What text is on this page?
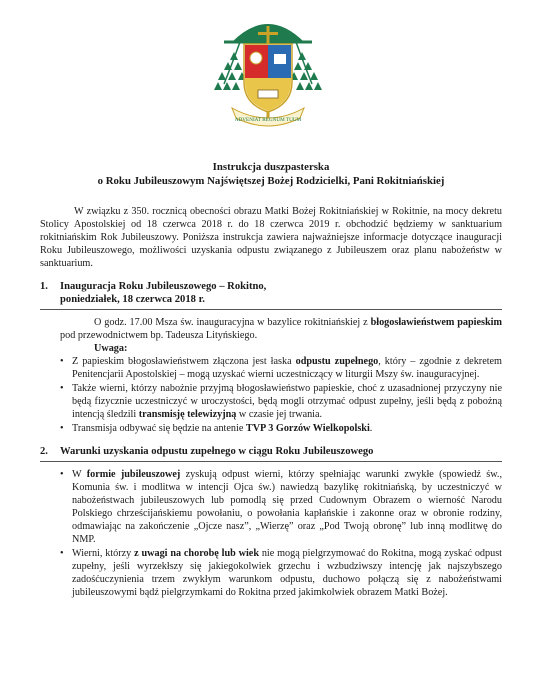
ADVENIAT REGNUM TUUM
Instrukcja duszpasterska
o Roku Jubileuszowym Najświętszej Bożej Rodzicielki, Pani Rokitniańskiej
W związku z 350. rocznicą obecności obrazu Matki Bożej Rokitniańskiej w Rokitnie, na mocy dekretu Stolicy Apostolskiej od 18 czerwca 2018 r. do 18 czerwca 2019 r. obchodzić będziemy w sanktuarium rokitniańskim Rok Jubileuszowy. Poniższa instrukcja zawiera najważniejsze informacje dotyczące inauguracji Roku Jubileuszowego, możliwości uzyskania odpustu związanego z Jubileuszem oraz planu nabożeństw w sanktuarium.
1.	Inauguracja Roku Jubileuszowego – Rokitno,
poniedziałek, 18 czerwca 2018 r.
O godz. 17.00 Msza św. inauguracyjna w bazylice rokitniańskiej z błogosławieństwem papieskim pod przewodnictwem bp. Tadeusza Lityńskiego.
Uwaga:
• Z papieskim błogosławieństwem złączona jest łaska odpustu zupełnego, który – zgodnie z dekretem Penitencjarii Apostolskiej – mogą uzyskać wierni uczestniczący w liturgii Mszy św. inauguracyjnej.
• Także wierni, którzy nabożnie przyjmą błogosławieństwo papieskie, choć z uzasadnionej przyczyny nie będą fizycznie uczestniczyć w uroczystości, będą mogli otrzymać odpust zupełny, jeśli będą z pobożną intencją śledzili transmisję telewizyjną w czasie jej trwania.
• Transmisja odbywać się będzie na antenie TVP 3 Gorzów Wielkopolski.
2.	Warunki uzyskania odpustu zupełnego w ciągu Roku Jubileuszowego
• W formie jubileuszowej zyskują odpust wierni, którzy spełniając warunki zwykłe (spowiedź św., Komunia św. i modlitwa w intencji Ojca św.) nawiedzą bazylikę rokitniańską, by uczestniczyć w nabożeństwach jubileuszowych lub pomodlą się przed Cudownym Obrazem o wierność Narodu Polskiego chrześcijańskiemu powołaniu, o powołania kapłańskie i zakonne oraz w obronie rodziny, odmawiając na zakończenie „Ojcze nasz”, „Wierzę” oraz „Pod Twoją obronę” lub inną modlitwę do NMP.
• Wierni, którzy z uwagi na chorobę lub wiek nie mogą pielgrzymować do Rokitna, mogą zyskać odpust zupełny, jeśli wyrzekłszy się jakiegokolwiek grzechu i wzbudziwszy intencję jak najszybszego zadośćuczynienia trzem zwykłym warunkom odpustu, duchowo połączą się z nabożeństwami jubileuszowymi bądź pielgrzymkami do Rokitna przed jakimkolwiek obrazem Matki Bożej.
